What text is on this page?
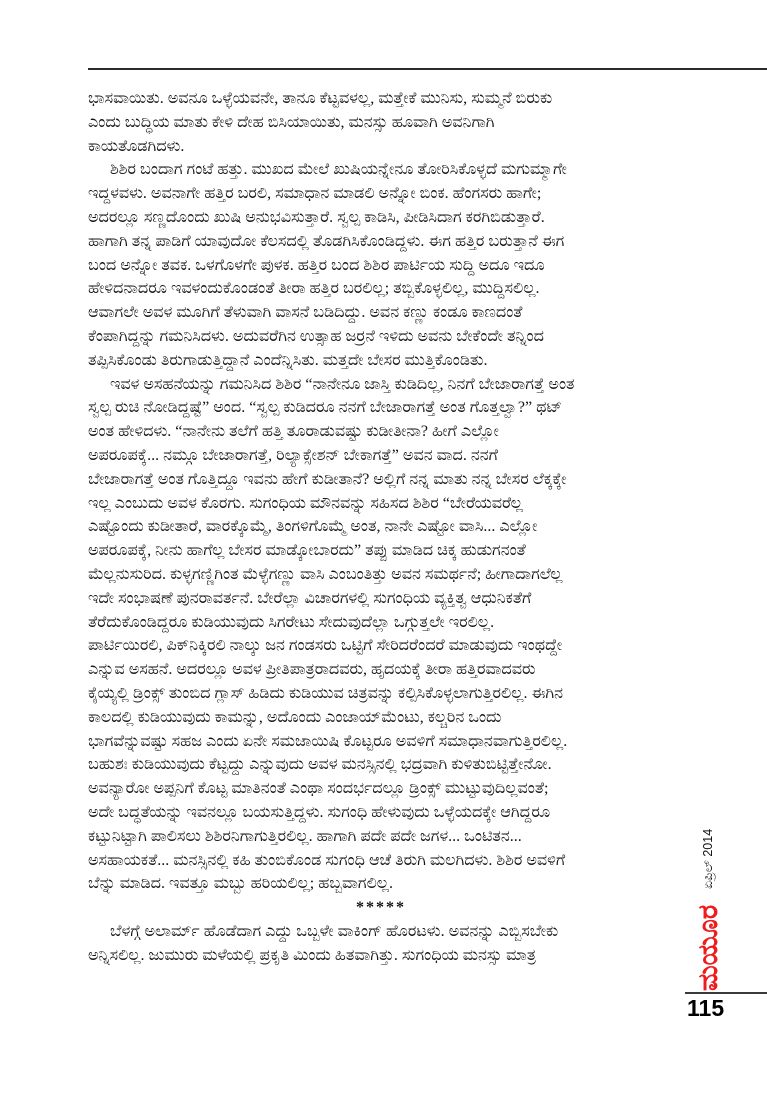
ಭಾಸವಾಯಿತು. ಅವನೂ ಒಳ್ಳೆಯವನೇ, ತಾನೂ ಕೆಟ್ಟವಳಲ್ಲ, ಮತ್ತೇಕೆ ಮುನಿಸು, ಸುಮ್ಮನೆ ಬಿರುಕು
ಎಂದು ಬುದ್ಧಿಯ ಮಾತು ಕೇಳಿ ದೇಹ ಬಿಸಿಯಾಯಿತು, ಮನಸ್ಸು ಹೂವಾಗಿ ಅವನಿಗಾಗಿ
ಕಾಯತೊಡಗಿದಳು.
ಶಿಶಿರ ಬಂದಾಗ ಗಂಟೆ ಹತ್ತು. ಮುಖದ ಮೇಲೆ ಖುಷಿಯನ್ನೇನೂ ತೋರಿಸಿಕೊಳ್ಳದೆ ಮಗುಮ್ಮಾಗೇ
ಇದ್ದಳವಳು. ಅವನಾಗೇ ಹತ್ತಿರ ಬರಲಿ, ಸಮಾಧಾನ ಮಾಡಲಿ ಅನ್ನೋ ಬಿಂಕ. ಹೆಂಗಸರು ಹಾಗೇ;
ಅದರಲ್ಲೂ ಸಣ್ಣದೊಂದು ಖುಷಿ ಅನುಭವಿಸುತ್ತಾರೆ. ಸ್ವಲ್ಪ ಕಾಡಿಸಿ, ಪೀಡಿಸಿದಾಗ ಕರಗಿಬಿಡುತ್ತಾರೆ.
ಹಾಗಾಗಿ ತನ್ನ ಪಾಡಿಗೆ ಯಾವುದೋ ಕೆಲಸದಲ್ಲಿ ತೊಡಗಿಸಿಕೊಂಡಿದ್ದಳು. ಈಗ ಹತ್ತಿರ ಬರುತ್ತಾನೆ ಈಗ
ಬಂದ ಅನ್ನೋ ತವಕ. ಒಳಗೊಳಗೇ ಪುಳಕ. ಹತ್ತಿರ ಬಂದ ಶಿಶಿರ ಪಾರ್ಟಿಯ ಸುದ್ದಿ ಅದೂ ಇದೂ
ಹೇಳಿದನಾದರೂ ಇವಳಂದುಕೊಂಡಂತೆ ತೀರಾ ಹತ್ತಿರ ಬರಲಿಲ್ಲ; ತಬ್ಬಿಕೊಳ್ಳಲಿಲ್ಲ, ಮುದ್ದಿಸಲಿಲ್ಲ.
ಆವಾಗಲೇ ಅವಳ ಮೂಗಿಗೆ ತೆಳುವಾಗಿ ವಾಸನೆ ಬಡಿದಿದ್ದು. ಅವನ ಕಣ್ಣು ಕಂಡೂ ಕಾಣದಂತೆ
ಕೆಂಪಾಗಿದ್ದನ್ನು ಗಮನಿಸಿದಳು. ಅದುವರೆಗಿನ ಉತ್ಸಾಹ ಜರ್ರನೆ ಇಳಿದು ಅವನು ಬೇಕೆಂದೇ ತನ್ನಿಂದ
ತಪ್ಪಿಸಿಕೊಂಡು ತಿರುಗಾಡುತ್ತಿದ್ದಾನೆ ಎಂದೆನ್ನಿಸಿತು. ಮತ್ತದೇ ಬೇಸರ ಮುತ್ತಿಕೊಂಡಿತು.
ಇವಳ ಅಸಹನೆಯನ್ನು ಗಮನಿಸಿದ ಶಿಶಿರ “ನಾನೇನೂ ಜಾಸ್ತಿ ಕುಡಿದಿಲ್ಲ, ನಿನಗೆ ಬೇಜಾರಾಗತ್ತೆ ಅಂತ
ಸ್ವಲ್ಪ ರುಚಿ ನೋಡಿದ್ದಷ್ಟೆ” ಅಂದ. “ಸ್ವಲ್ಪ ಕುಡಿದರೂ ನನಗೆ ಬೇಜಾರಾಗತ್ತೆ ಅಂತ ಗೊತ್ತಲ್ವಾ?” ಥಟ್
ಅಂತ ಹೇಳಿದಳು. “ನಾನೇನು ತಲೆಗೆ ಹತ್ತಿ ತೂರಾಡುವಷ್ಟು ಕುಡೀತೀನಾ? ಹೀಗೆ ಎಲ್ಲೋ
ಅಪರೂಪಕ್ಕೆ... ನಮ್ಗೂ ಬೇಜಾರಾಗತ್ತೆ, ರಿಲ್ಯಾಕ್ಸೇಶನ್ ಬೇಕಾಗತ್ತೆ” ಅವನ ವಾದ. ನನಗೆ
ಬೇಜಾರಾಗತ್ತೆ ಅಂತ ಗೊತ್ತಿದ್ದೂ ಇವನು ಹೇಗೆ ಕುಡೀತಾನೆ? ಅಲ್ಲಿಗೆ ನನ್ನ ಮಾತು ನನ್ನ ಬೇಸರ ಲೆಕ್ಕಕ್ಕೇ
ಇಲ್ಲ ಎಂಬುದು ಅವಳ ಕೊರಗು. ಸುಗಂಧಿಯ ಮೌನವನ್ನು ಸಹಿಸದ ಶಿಶಿರ “ಬೇರೆಯವರೆಲ್ಲ
ಎಷ್ಟೊಂದು ಕುಡೀತಾರೆ, ವಾರಕ್ಕೊಮ್ಮೆ, ತಿಂಗಳಿಗೊಮ್ಮೆ ಅಂತ, ನಾನೇ ಎಷ್ಟೋ ವಾಸಿ... ಎಲ್ಲೋ
ಅಪರೂಪಕ್ಕೆ, ನೀನು ಹಾಗೆಲ್ಲ ಬೇಸರ ಮಾಡ್ಕೋಬಾರದು” ತಪ್ಪು ಮಾಡಿದ ಚಿಕ್ಕ ಹುಡುಗನಂತೆ
ಮೆಲ್ಲನುಸುರಿದ. ಕುಳ್ಳಗಣ್ಣಿಗಿಂತ ಮೆಳ್ಳೆಗಣ್ಣು ವಾಸಿ ಎಂಬಂತಿತ್ತು ಅವನ ಸಮರ್ಥನೆ; ಹೀಗಾದಾಗಲೆಲ್ಲ
ಇದೇ ಸಂಭಾಷಣೆ ಪುನರಾವರ್ತನೆ. ಬೇರೆಲ್ಲಾ ವಿಚಾರಗಳಲ್ಲಿ ಸುಗಂಧಿಯ ವ್ಯಕ್ತಿತ್ವ ಆಧುನಿಕತೆಗೆ
ತೆರೆದುಕೊಂಡಿದ್ದರೂ ಕುಡಿಯುವುದು ಸಿಗರೇಟು ಸೇದುವುದೆಲ್ಲಾ ಒಗ್ಗುತ್ತಲೇ ಇರಲಿಲ್ಲ.
ಪಾರ್ಟಿಯಿರಲಿ, ಪಿಕ್‌ನಿಕ್ಕಿರಲಿ ನಾಲ್ಕು ಜನ ಗಂಡಸರು ಒಟ್ಟಿಗೆ ಸೇರಿದರೆಂದರೆ ಮಾಡುವುದು ಇಂಥದ್ದೇ
ಎನ್ನುವ ಅಸಹನೆ. ಅದರಲ್ಲೂ ಅವಳ ಪ್ರೀತಿಪಾತ್ರರಾದವರು, ಹೃದಯಕ್ಕೆ ತೀರಾ ಹತ್ತಿರವಾದವರು
ಕೈಯ್ಯಲ್ಲಿ ಡ್ರಿಂಕ್ಸ್ ತುಂಬಿದ ಗ್ಲಾಸ್ ಹಿಡಿದು ಕುಡಿಯುವ ಚಿತ್ರವನ್ನು ಕಲ್ಪಿಸಿಕೊಳ್ಳಲಾಗುತ್ತಿರಲಿಲ್ಲ. ಈಗಿನ
ಕಾಲದಲ್ಲಿ ಕುಡಿಯುವುದು ಕಾಮನ್ನು, ಅದೊಂದು ಎಂಜಾಯ್‌ಮೆಂಟು, ಕಲ್ಚರಿನ ಒಂದು
ಭಾಗವೆನ್ನುವಷ್ಟು ಸಹಜ ಎಂದು ಏನೇ ಸಮಜಾಯಿಷಿ ಕೊಟ್ಟರೂ ಅವಳಿಗೆ ಸಮಾಧಾನವಾಗುತ್ತಿರಲಿಲ್ಲ.
ಬಹುಶಃ ಕುಡಿಯುವುದು ಕೆಟ್ಟದ್ದು ಎನ್ನುವುದು ಅವಳ ಮನಸ್ಸಿನಲ್ಲಿ ಭದ್ರವಾಗಿ ಕುಳಿತುಬಿಟ್ಟಿತ್ತೇನೋ.
ಅವನ್ಯಾರೋ ಅಪ್ಪನಿಗೆ ಕೊಟ್ಟ ಮಾತಿನಂತೆ ಎಂಥಾ ಸಂದರ್ಭದಲ್ಲೂ ಡ್ರಿಂಕ್ಸ್ ಮುಟ್ಟುವುದಿಲ್ಲವಂತೆ;
ಅದೇ ಬದ್ಧತೆಯನ್ನು ಇವನಲ್ಲೂ ಬಯಸುತ್ತಿದ್ದಳು. ಸುಗಂಧಿ ಹೇಳುವುದು ಒಳ್ಳೆಯದಕ್ಕೇ ಆಗಿದ್ದರೂ
ಕಟ್ಟುನಿಟ್ಟಾಗಿ ಪಾಲಿಸಲು ಶಿಶಿರನಿಗಾಗುತ್ತಿರಲಿಲ್ಲ. ಹಾಗಾಗಿ ಪದೇ ಪದೇ ಜಗಳ... ಒಂಟಿತನ...
ಅಸಹಾಯಕತೆ... ಮನಸ್ಸಿನಲ್ಲಿ ಕಹಿ ತುಂಬಿಕೊಂಡ ಸುಗಂಧಿ ಆಚೆ ತಿರುಗಿ ಮಲಗಿದಳು. ಶಿಶಿರ ಅವಳಿಗೆ
ಬೆನ್ನು ಮಾಡಿದ. ಇವತ್ತೂ ಮಬ್ಬು ಹರಿಯಲಿಲ್ಲ; ಹಬ್ಬವಾಗಲಿಲ್ಲ.
*****
ಬೆಳಗ್ಗೆ ಅಲಾರ್ಮ್ ಹೊಡೆದಾಗ ಎದ್ದು ಒಬ್ಬಳೇ ವಾಕಿಂಗ್ ಹೊರಟಳು. ಅವನನ್ನು ಎಬ್ಬಿಸಬೇಕು
ಅನ್ನಿಸಲಿಲ್ಲ. ಜುಮುರು ಮಳೆಯಲ್ಲಿ ಪ್ರಕೃತಿ ಮಿಂದು ಹಿತವಾಗಿತ್ತು. ಸುಗಂಧಿಯ ಮನಸ್ಸು ಮಾತ್ರ	ಮಯೂರ
ಏಪ್ರಿಲ್ 2014
115
